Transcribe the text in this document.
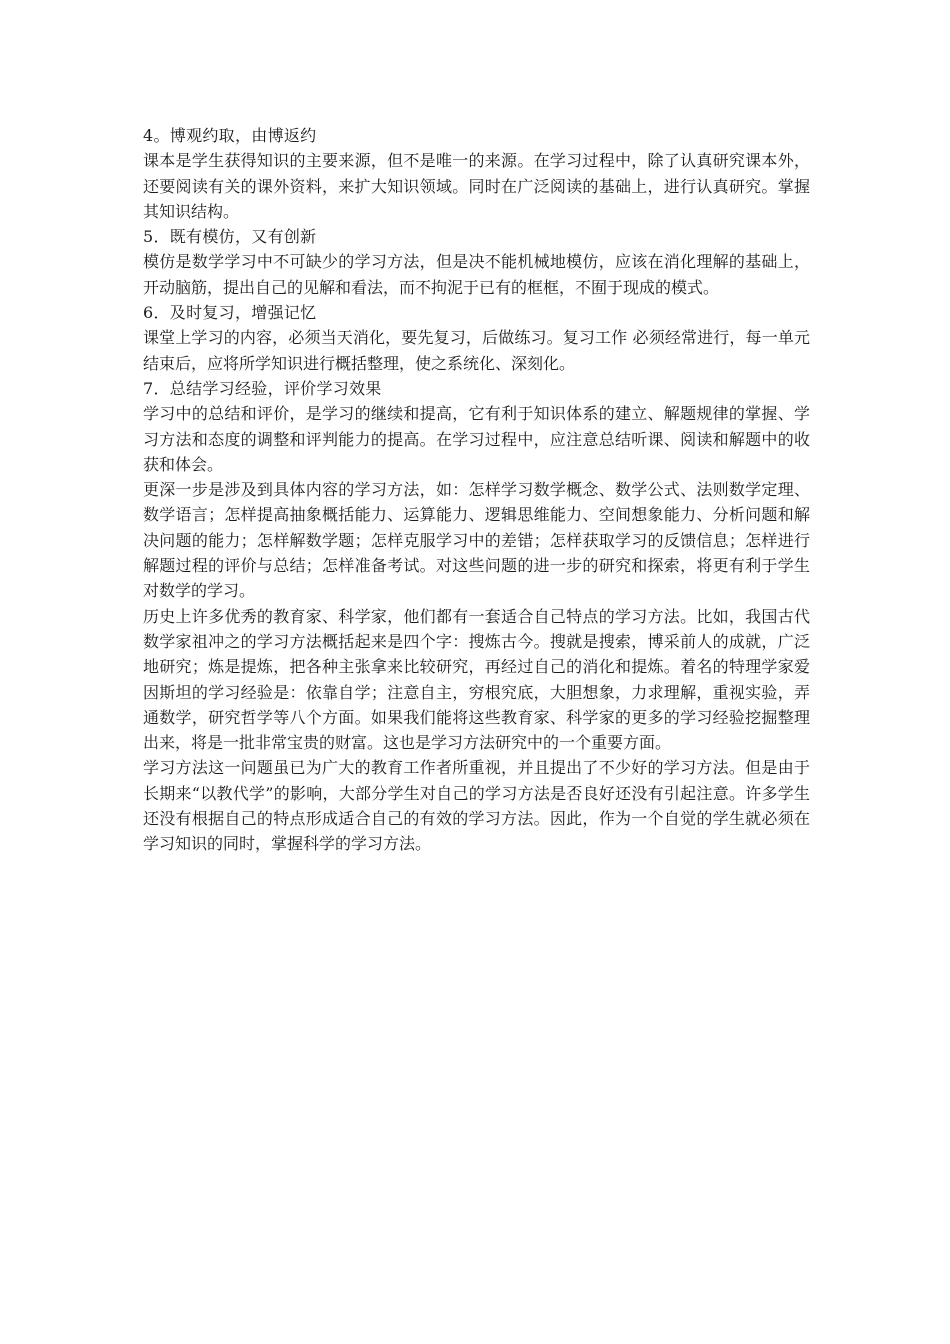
4。博观约取，由博返约

课本是学生获得知识的主要来源，但不是唯一的来源。在学习过程中，除了认真研究课本外，还要阅读有关的课外资料，来扩大知识领域。同时在广泛阅读的基础上，进行认真研究。掌握其知识结构。

5．既有模仿，又有创新

模仿是数学学习中不可缺少的学习方法，但是决不能机械地模仿，应该在消化理解的基础上，开动脑筋，提出自己的见解和看法，而不拘泥于已有的框框，不囿于现成的模式。

6．及时复习，增强记忆

课堂上学习的内容，必须当天消化，要先复习，后做练习。复习工作 必须经常进行，每一单元结束后，应将所学知识进行概括整理，使之系统化、深刻化。

7．总结学习经验，评价学习效果

学习中的总结和评价，是学习的继续和提高，它有利于知识体系的建立、解题规律的掌握、学习方法和态度的调整和评判能力的提高。在学习过程中，应注意总结听课、阅读和解题中的收获和体会。

更深一步是涉及到具体内容的学习方法，如：怎样学习数学概念、数学公式、法则数学定理、数学语言；怎样提高抽象概括能力、运算能力、逻辑思维能力、空间想象能力、分析问题和解决问题的能力；怎样解数学题；怎样克服学习中的差错；怎样获取学习的反馈信息；怎样进行解题过程的评价与总结；怎样准备考试。对这些问题的进一步的研究和探索，将更有利于学生对数学的学习。

历史上许多优秀的教育家、科学家，他们都有一套适合自己特点的学习方法。比如，我国古代数学家祖冲之的学习方法概括起来是四个字：搜炼古今。搜就是搜索，博采前人的成就，广泛地研究；炼是提炼，把各种主张拿来比较研究，再经过自己的消化和提炼。着名的特理学家爱因斯坦的学习经验是：依靠自学；注意自主，穷根究底，大胆想象，力求理解，重视实验，弄通数学，研究哲学等八个方面。如果我们能将这些教育家、科学家的更多的学习经验挖掘整理出来，将是一批非常宝贵的财富。这也是学习方法研究中的一个重要方面。

学习方法这一问题虽已为广大的教育工作者所重视，并且提出了不少好的学习方法。但是由于长期来“以教代学”的影响，大部分学生对自己的学习方法是否良好还没有引起注意。许多学生还没有根据自己的特点形成适合自己的有效的学习方法。因此，作为一个自觉的学生就必须在学习知识的同时，掌握科学的学习方法。
